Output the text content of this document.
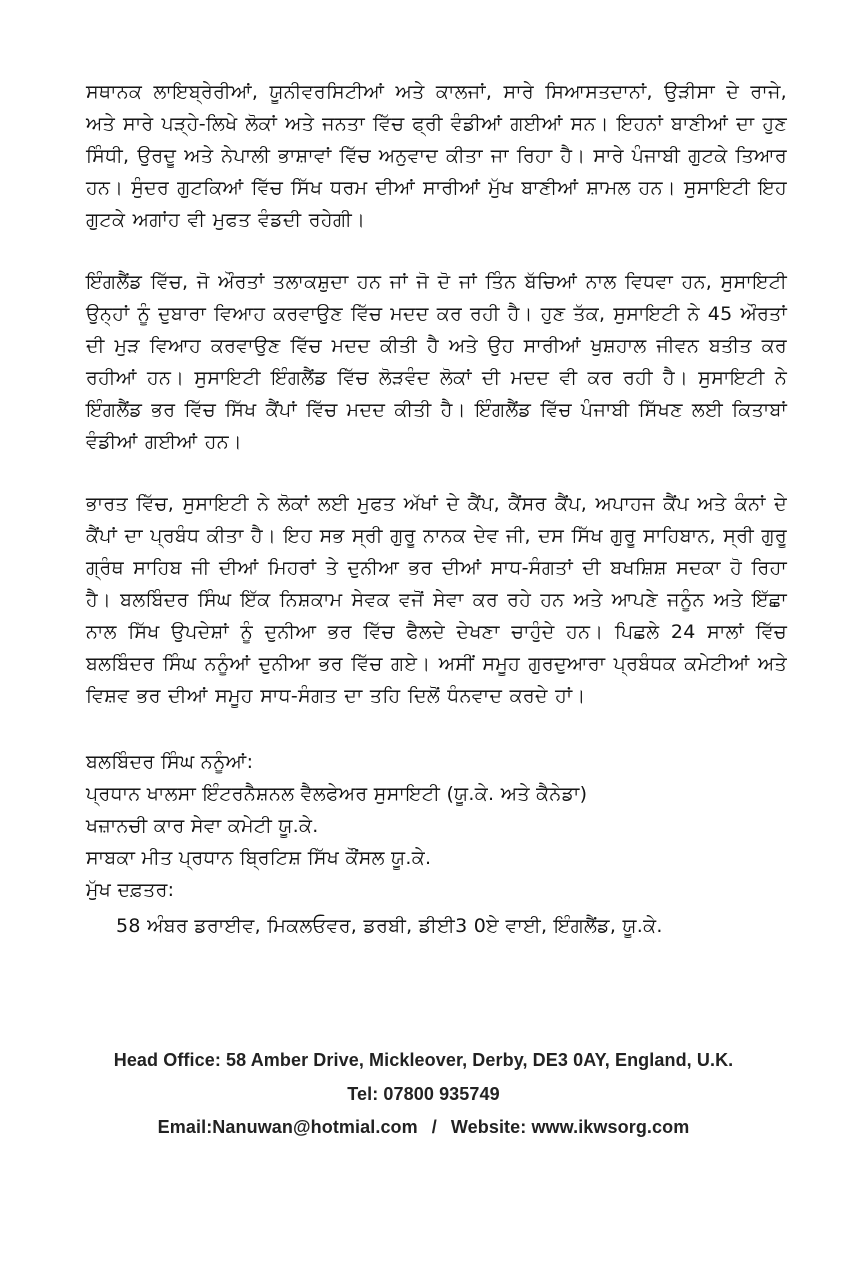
ਸਥਾਨਕ ਲਾਇਬ੍ਰੇਰੀਆਂ, ਯੂਨੀਵਰਸਿਟੀਆਂ ਅਤੇ ਕਾਲਜਾਂ, ਸਾਰੇ ਸਿਆਸਤਦਾਨਾਂ, ਉੜੀਸਾ ਦੇ ਰਾਜੇ, ਅਤੇ ਸਾਰੇ ਪੜ੍ਹੇ-ਲਿਖੇ ਲੋਕਾਂ ਅਤੇ ਜਨਤਾ ਵਿੱਚ ਫ੍ਰੀ ਵੰਡੀਆਂ ਗਈਆਂ ਸਨ। ਇਹਨਾਂ ਬਾਣੀਆਂ ਦਾ ਹੁਣ ਸਿੰਧੀ, ਉਰਦੂ ਅਤੇ ਨੇਪਾਲੀ ਭਾਸ਼ਾਵਾਂ ਵਿੱਚ ਅਨੁਵਾਦ ਕੀਤਾ ਜਾ ਰਿਹਾ ਹੈ। ਸਾਰੇ ਪੰਜਾਬੀ ਗੁਟਕੇ ਤਿਆਰ ਹਨ। ਸੁੰਦਰ ਗੁਟਕਿਆਂ ਵਿੱਚ ਸਿੱਖ ਧਰਮ ਦੀਆਂ ਸਾਰੀਆਂ ਮੁੱਖ ਬਾਣੀਆਂ ਸ਼ਾਮਲ ਹਨ। ਸੁਸਾਇਟੀ ਇਹ ਗੁਟਕੇ ਅਗਾਂਹ ਵੀ ਮੁਫਤ ਵੰਡਦੀ ਰਹੇਗੀ।

ਇੰਗਲੈਂਡ ਵਿੱਚ, ਜੋ ਔਰਤਾਂ ਤਲਾਕਸ਼ੁਦਾ ਹਨ ਜਾਂ ਜੋ ਦੋ ਜਾਂ ਤਿੰਨ ਬੱਚਿਆਂ ਨਾਲ ਵਿਧਵਾ ਹਨ, ਸੁਸਾਇਟੀ ਉਨ੍ਹਾਂ ਨੂੰ ਦੁਬਾਰਾ ਵਿਆਹ ਕਰਵਾਉਣ ਵਿੱਚ ਮਦਦ ਕਰ ਰਹੀ ਹੈ। ਹੁਣ ਤੱਕ, ਸੁਸਾਇਟੀ ਨੇ 45 ਔਰਤਾਂ ਦੀ ਮੁੜ ਵਿਆਹ ਕਰਵਾਉਣ ਵਿੱਚ ਮਦਦ ਕੀਤੀ ਹੈ ਅਤੇ ਉਹ ਸਾਰੀਆਂ ਖੁਸ਼ਹਾਲ ਜੀਵਨ ਬਤੀਤ ਕਰ ਰਹੀਆਂ ਹਨ। ਸੁਸਾਇਟੀ ਇੰਗਲੈਂਡ ਵਿੱਚ ਲੋੜਵੰਦ ਲੋਕਾਂ ਦੀ ਮਦਦ ਵੀ ਕਰ ਰਹੀ ਹੈ। ਸੁਸਾਇਟੀ ਨੇ ਇੰਗਲੈਂਡ ਭਰ ਵਿੱਚ ਸਿੱਖ ਕੈਂਪਾਂ ਵਿੱਚ ਮਦਦ ਕੀਤੀ ਹੈ। ਇੰਗਲੈਂਡ ਵਿੱਚ ਪੰਜਾਬੀ ਸਿੱਖਣ ਲਈ ਕਿਤਾਬਾਂ ਵੰਡੀਆਂ ਗਈਆਂ ਹਨ।

ਭਾਰਤ ਵਿੱਚ, ਸੁਸਾਇਟੀ ਨੇ ਲੋਕਾਂ ਲਈ ਮੁਫਤ ਅੱਖਾਂ ਦੇ ਕੈਂਪ, ਕੈਂਸਰ ਕੈਂਪ, ਅਪਾਹਜ ਕੈਂਪ ਅਤੇ ਕੰਨਾਂ ਦੇ ਕੈਂਪਾਂ ਦਾ ਪ੍ਰਬੰਧ ਕੀਤਾ ਹੈ। ਇਹ ਸਭ ਸ੍ਰੀ ਗੁਰੂ ਨਾਨਕ ਦੇਵ ਜੀ, ਦਸ ਸਿੱਖ ਗੁਰੂ ਸਾਹਿਬਾਨ, ਸ੍ਰੀ ਗੁਰੂ ਗ੍ਰੰਥ ਸਾਹਿਬ ਜੀ ਦੀਆਂ ਮਿਹਰਾਂ ਤੇ ਦੁਨੀਆ ਭਰ ਦੀਆਂ ਸਾਧ-ਸੰਗਤਾਂ ਦੀ ਬਖਸ਼ਿਸ਼ ਸਦਕਾ ਹੋ ਰਿਹਾ ਹੈ। ਬਲਬਿੰਦਰ ਸਿੰਘ ਇੱਕ ਨਿਸ਼ਕਾਮ ਸੇਵਕ ਵਜੋਂ ਸੇਵਾ ਕਰ ਰਹੇ ਹਨ ਅਤੇ ਆਪਣੇ ਜਨੂੰਨ ਅਤੇ ਇੱਛਾ ਨਾਲ ਸਿੱਖ ਉਪਦੇਸ਼ਾਂ ਨੂੰ ਦੁਨੀਆ ਭਰ ਵਿੱਚ ਫੈਲਦੇ ਦੇਖਣਾ ਚਾਹੁੰਦੇ ਹਨ। ਪਿਛਲੇ 24 ਸਾਲਾਂ ਵਿੱਚ ਬਲਬਿੰਦਰ ਸਿੰਘ ਨਨੂੰਆਂ ਦੁਨੀਆ ਭਰ ਵਿੱਚ ਗਏ। ਅਸੀਂ ਸਮੂਹ ਗੁਰਦੁਆਰਾ ਪ੍ਰਬੰਧਕ ਕਮੇਟੀਆਂ ਅਤੇ ਵਿਸ਼ਵ ਭਰ ਦੀਆਂ ਸਮੂਹ ਸਾਧ-ਸੰਗਤ ਦਾ ਤਹਿ ਦਿਲੋਂ ਧੰਨਵਾਦ ਕਰਦੇ ਹਾਂ।

ਬਲਬਿੰਦਰ ਸਿੰਘ ਨਨੂੰਆਂ:

ਪ੍ਰਧਾਨ ਖਾਲਸਾ ਇੰਟਰਨੈਸ਼ਨਲ ਵੈਲਫੇਅਰ ਸੁਸਾਇਟੀ (ਯੂ.ਕੇ. ਅਤੇ ਕੈਨੇਡਾ)

ਖਜ਼ਾਨਚੀ ਕਾਰ ਸੇਵਾ ਕਮੇਟੀ ਯੂ.ਕੇ.

ਸਾਬਕਾ ਮੀਤ ਪ੍ਰਧਾਨ ਬ੍ਰਿਟਿਸ਼ ਸਿੱਖ ਕੌਂਸਲ ਯੂ.ਕੇ.

ਮੁੱਖ ਦਫ਼ਤਰ:

58 ਅੰਬਰ ਡਰਾਈਵ, ਮਿਕਲਓਵਰ, ਡਰਬੀ, ਡੀਈ3 0ਏ ਵਾਈ, ਇੰਗਲੈਂਡ, ਯੂ.ਕੇ.

Head Office: 58 Amber Drive, Mickleover, Derby, DE3 0AY, England, U.K.
Tel: 07800 935749
Email:Nanuwan@hotmial.com / Website: www.ikwsorg.com
